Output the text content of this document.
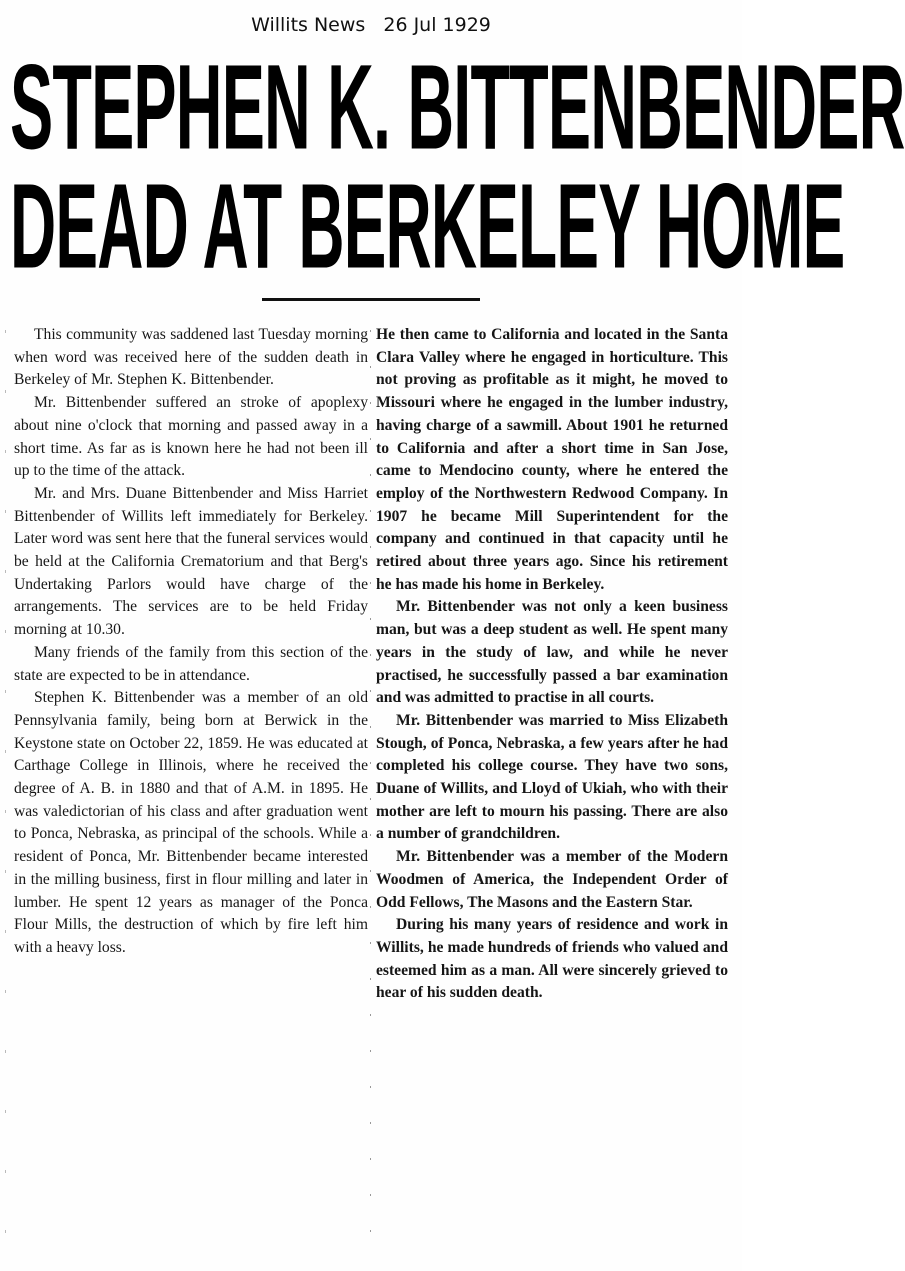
Willits News 26 Jul 1929
STEPHEN K. BITTENBENDER
DEAD AT BERKELEY HOME

This community was saddened last Tuesday morning when word was received here of the sudden death in Berkeley of Mr. Stephen K. Bittenbender.

Mr. Bittenbender suffered an stroke of apoplexy about nine o'clock that morning and passed away in a short time. As far as is known here he had not been ill up to the time of the attack.

Mr. and Mrs. Duane Bittenbender and Miss Harriet Bittenbender of Willits left immediately for Berkeley. Later word was sent here that the funeral services would be held at the California Crematorium and that Berg's Undertaking Parlors would have charge of the arrangements. The services are to be held Friday morning at 10.30.

Many friends of the family from this section of the state are expected to be in attendance.

Stephen K. Bittenbender was a member of an old Pennsylvania family, being born at Berwick in the Keystone state on October 22, 1859. He was educated at Carthage College in Illinois, where he received the degree of A. B. in 1880 and that of A.M. in 1895. He was valedictorian of his class and after graduation went to Ponca, Nebraska, as principal of the schools. While a resident of Ponca, Mr. Bittenbender became interested in the milling business, first in flour milling and later in lumber. He spent 12 years as manager of the Ponca Flour Mills, the destruction of which by fire left him with a heavy loss.

He then came to California and located in the Santa Clara Valley where he engaged in horticulture. This not proving as profitable as it might, he moved to Missouri where he engaged in the lumber industry, having charge of a sawmill. About 1901 he returned to California and after a short time in San Jose, came to Mendocino county, where he entered the employ of the Northwestern Redwood Company. In 1907 he became Mill Superintendent for the company and continued in that capacity until he retired about three years ago. Since his retirement he has made his home in Berkeley.

Mr. Bittenbender was not only a keen business man, but was a deep student as well. He spent many years in the study of law, and while he never practised, he successfully passed a bar examination and was admitted to practise in all courts.

Mr. Bittenbender was married to Miss Elizabeth Stough, of Ponca, Nebraska, a few years after he had completed his college course. They have two sons, Duane of Willits, and Lloyd of Ukiah, who with their mother are left to mourn his passing. There are also a number of grandchildren.

Mr. Bittenbender was a member of the Modern Woodmen of America, the Independent Order of Odd Fellows, The Masons and the Eastern Star.

During his many years of residence and work in Willits, he made hundreds of friends who valued and esteemed him as a man. All were sincerely grieved to hear of his sudden death.
